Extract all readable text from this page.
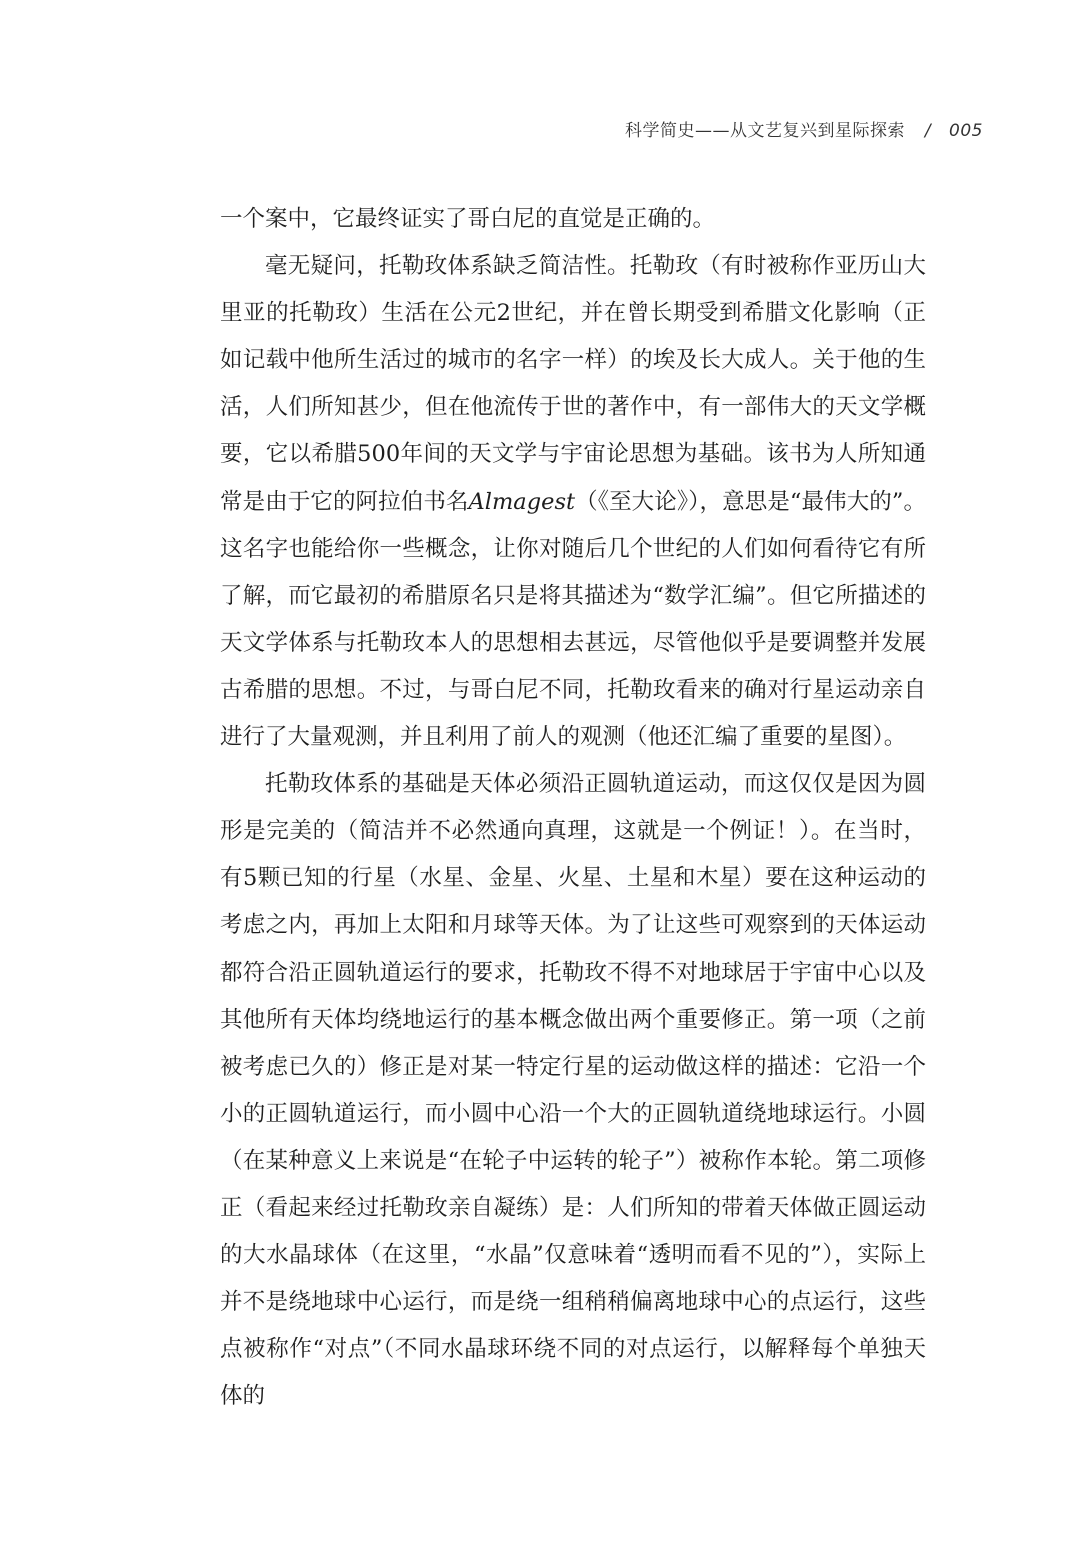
科学简史——从文艺复兴到星际探索 / 005

一个案中，它最终证实了哥白尼的直觉是正确的。

毫无疑问，托勒玫体系缺乏简洁性。托勒玫（有时被称作亚历山大里亚的托勒玫）生活在公元2世纪，并在曾长期受到希腊文化影响（正如记载中他所生活过的城市的名字一样）的埃及长大成人。关于他的生活，人们所知甚少，但在他流传于世的著作中，有一部伟大的天文学概要，它以希腊500年间的天文学与宇宙论思想为基础。该书为人所知通常是由于它的阿拉伯书名Almagest（《至大论》），意思是“最伟大的”。这名字也能给你一些概念，让你对随后几个世纪的人们如何看待它有所了解，而它最初的希腊原名只是将其描述为“数学汇编”。但它所描述的天文学体系与托勒玫本人的思想相去甚远，尽管他似乎是要调整并发展古希腊的思想。不过，与哥白尼不同，托勒玫看来的确对行星运动亲自进行了大量观测，并且利用了前人的观测（他还汇编了重要的星图）。

托勒玫体系的基础是天体必须沿正圆轨道运动，而这仅仅是因为圆形是完美的（简洁并不必然通向真理，这就是一个例证！）。在当时，有5颗已知的行星（水星、金星、火星、土星和木星）要在这种运动的考虑之内，再加上太阳和月球等天体。为了让这些可观察到的天体运动都符合沿正圆轨道运行的要求，托勒玫不得不对地球居于宇宙中心以及其他所有天体均绕地运行的基本概念做出两个重要修正。第一项（之前被考虑已久的）修正是对某一特定行星的运动做这样的描述：它沿一个小的正圆轨道运行，而小圆中心沿一个大的正圆轨道绕地球运行。小圆（在某种意义上来说是“在轮子中运转的轮子”）被称作本轮。第二项修正（看起来经过托勒玫亲自凝练）是：人们所知的带着天体做正圆运动的大水晶球体（在这里，“水晶”仅意味着“透明而看不见的”），实际上并不是绕地球中心运行，而是绕一组稍稍偏离地球中心的点运行，这些点被称作“对点”（不同水晶球环绕不同的对点运行，以解释每个单独天体的
